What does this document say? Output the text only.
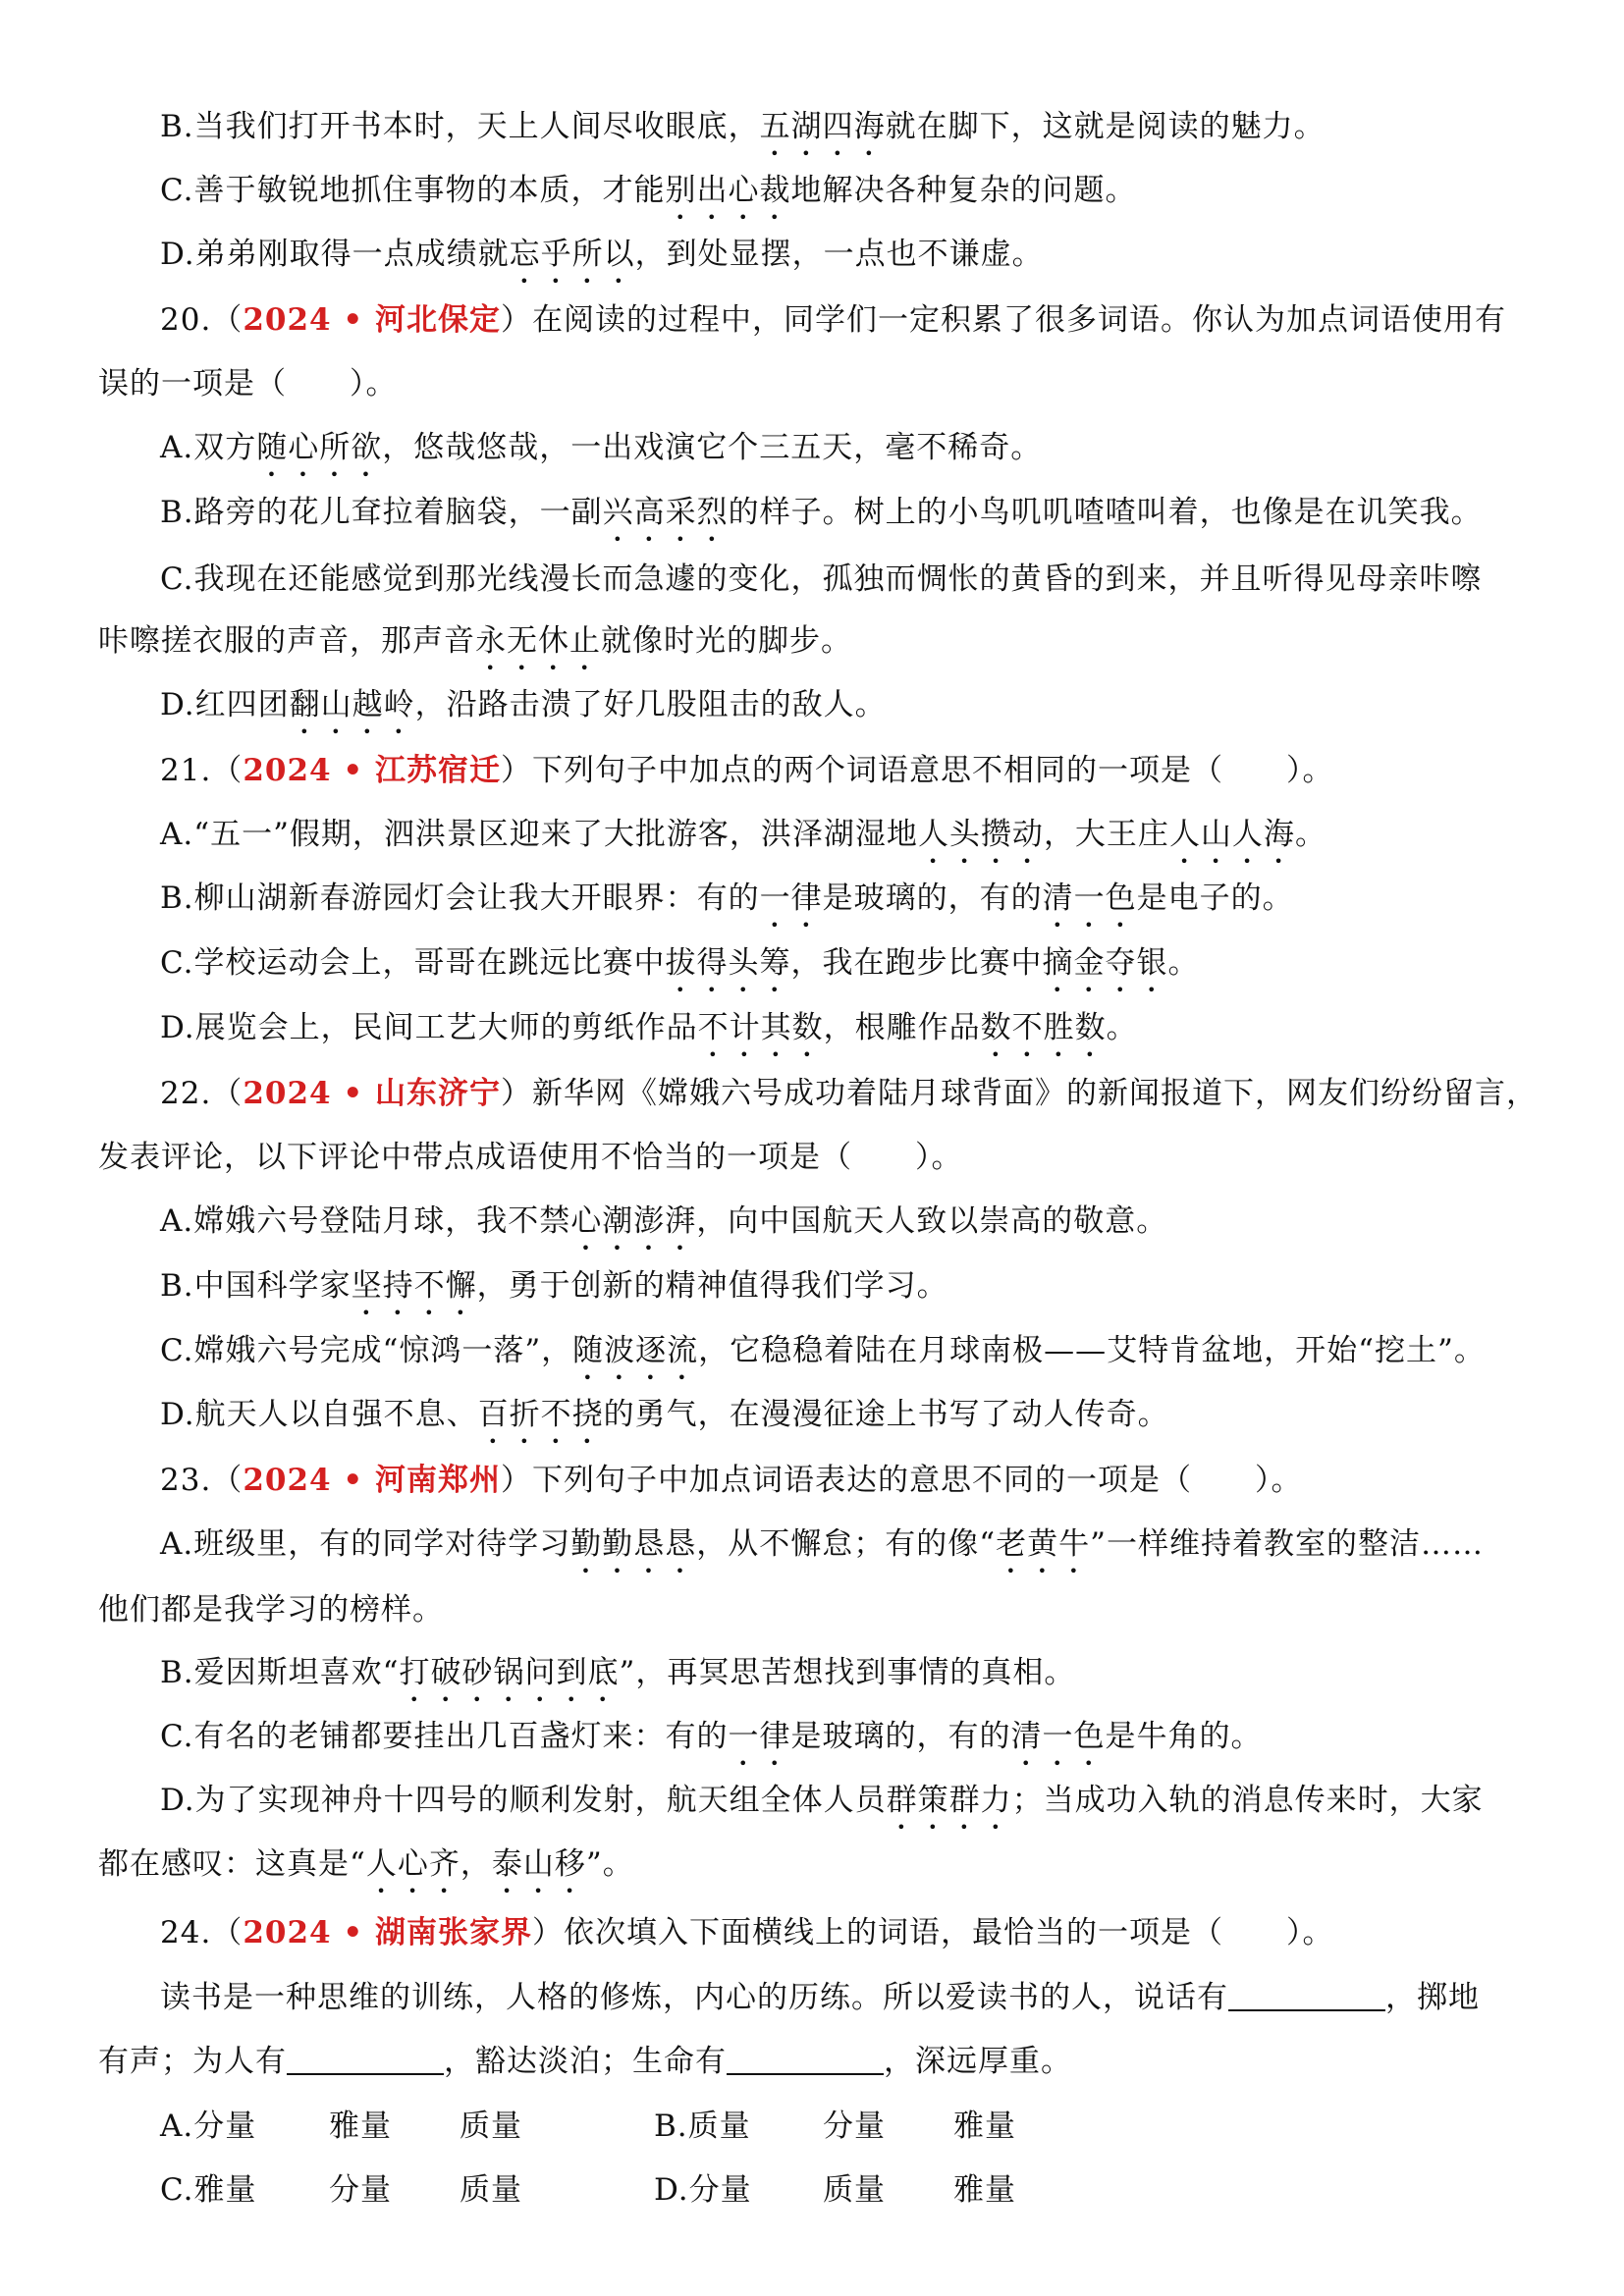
B.当我们打开书本时，天上人间尽收眼底，五湖四海就在脚下，这就是阅读的魅力。
C.善于敏锐地抓住事物的本质，才能别出心裁地解决各种复杂的问题。
D.弟弟刚取得一点成绩就忘乎所以，到处显摆，一点也不谦虚。
20.（2024 • 河北保定）在阅读的过程中，同学们一定积累了很多词语。你认为加点词语使用有
误的一项是（　　）。
A.双方随心所欲，悠哉悠哉，一出戏演它个三五天，毫不稀奇。
B.路旁的花儿耷拉着脑袋，一副兴高采烈的样子。树上的小鸟叽叽喳喳叫着，也像是在讥笑我。
C.我现在还能感觉到那光线漫长而急遽的变化，孤独而惆怅的黄昏的到来，并且听得见母亲咔嚓
咔嚓搓衣服的声音，那声音永无休止就像时光的脚步。
D.红四团翻山越岭，沿路击溃了好几股阻击的敌人。
21.（2024 • 江苏宿迁）下列句子中加点的两个词语意思不相同的一项是（　　）。
A.“五一”假期，泗洪景区迎来了大批游客，洪泽湖湿地人头攒动，大王庄人山人海。
B.柳山湖新春游园灯会让我大开眼界：有的一律是玻璃的，有的清一色是电子的。
C.学校运动会上，哥哥在跳远比赛中拔得头筹，我在跑步比赛中摘金夺银。
D.展览会上，民间工艺大师的剪纸作品不计其数，根雕作品数不胜数。
22.（2024 • 山东济宁）新华网《嫦娥六号成功着陆月球背面》的新闻报道下，网友们纷纷留言，
发表评论，以下评论中带点成语使用不恰当的一项是（　　）。
A.嫦娥六号登陆月球，我不禁心潮澎湃，向中国航天人致以崇高的敬意。
B.中国科学家坚持不懈，勇于创新的精神值得我们学习。
C.嫦娥六号完成“惊鸿一落”，随波逐流，它稳稳着陆在月球南极——艾特肯盆地，开始“挖土”。
D.航天人以自强不息、百折不挠的勇气，在漫漫征途上书写了动人传奇。
23.（2024 • 河南郑州）下列句子中加点词语表达的意思不同的一项是（　　）。
A.班级里，有的同学对待学习勤勤恳恳，从不懈怠；有的像“老黄牛”一样维持着教室的整洁……
他们都是我学习的榜样。
B.爱因斯坦喜欢“打破砂锅问到底”，再冥思苦想找到事情的真相。
C.有名的老铺都要挂出几百盏灯来：有的一律是玻璃的，有的清一色是牛角的。
D.为了实现神舟十四号的顺利发射，航天组全体人员群策群力；当成功入轨的消息传来时，大家
都在感叹：这真是“人心齐，泰山移”。
24.（2024 • 湖南张家界）依次填入下面横线上的词语，最恰当的一项是（　　）。
读书是一种思维的训练，人格的修炼，内心的历练。所以爱读书的人，说话有	，掷地
有声；为人有	，豁达淡泊；生命有	，深远厚重。
A.分量 雅量 质量	B.质量 分量 雅量
C.雅量 分量 质量	D.分量 质量 雅量
